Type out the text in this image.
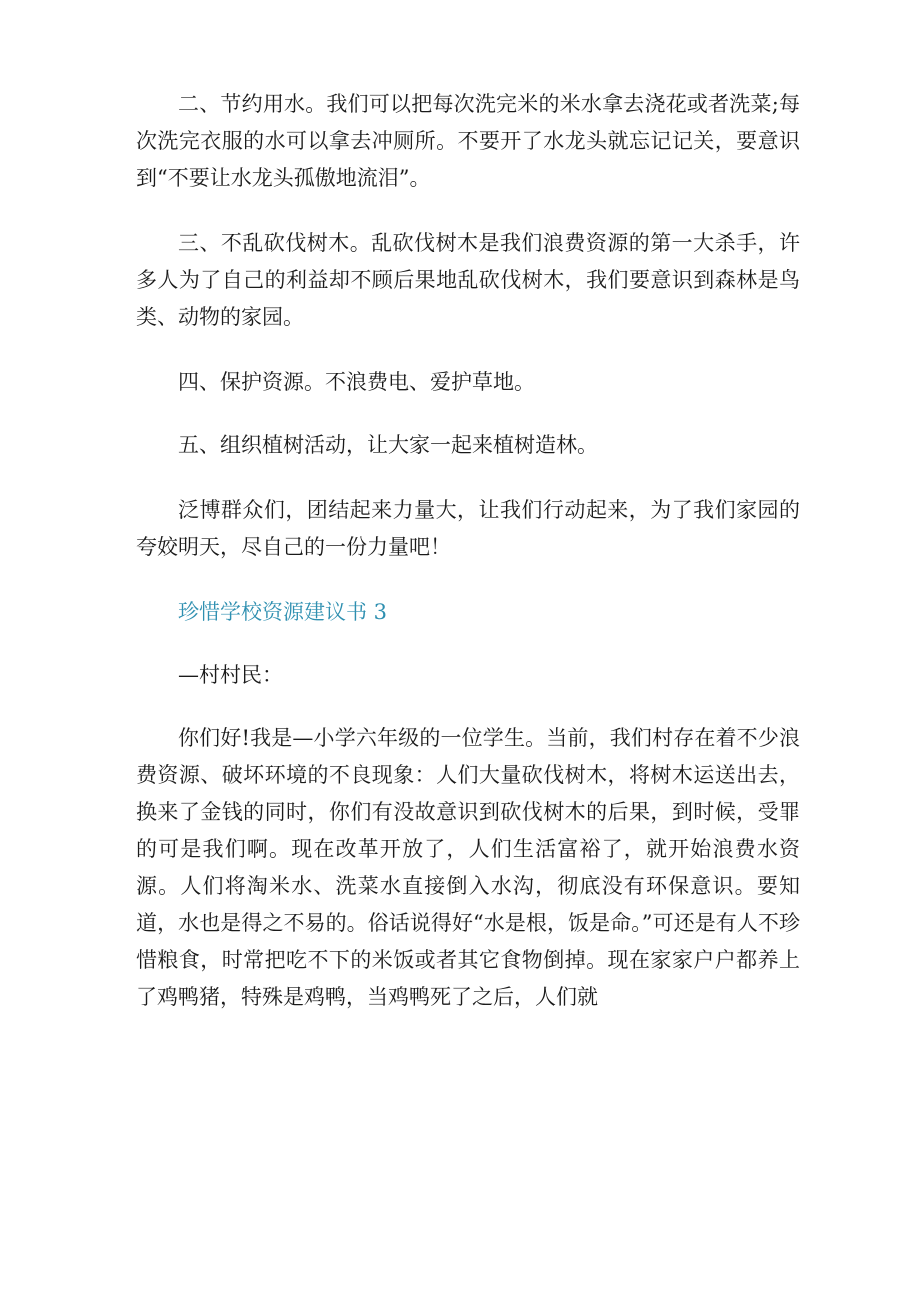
二、节约用水。我们可以把每次洗完米的米水拿去浇花或者洗菜;每次洗完衣服的水可以拿去冲厕所。不要开了水龙头就忘记记关，要意识到“不要让水龙头孤傲地流泪”。

三、不乱砍伐树木。乱砍伐树木是我们浪费资源的第一大杀手，许多人为了自己的利益却不顾后果地乱砍伐树木，我们要意识到森林是鸟类、动物的家园。

四、保护资源。不浪费电、爱护草地。

五、组织植树活动，让大家一起来植树造林。

泛博群众们，团结起来力量大，让我们行动起来，为了我们家园的夸姣明天，尽自己的一份力量吧！

珍惜学校资源建议书 3

—村村民：

你们好!我是—小学六年级的一位学生。当前，我们村存在着不少浪费资源、破坏环境的不良现象：人们大量砍伐树木，将树木运送出去，换来了金钱的同时，你们有没故意识到砍伐树木的后果，到时候，受罪的可是我们啊。现在改革开放了，人们生活富裕了，就开始浪费水资源。人们将淘米水、洗菜水直接倒入水沟，彻底没有环保意识。要知道，水也是得之不易的。俗话说得好“水是根，饭是命。”可还是有人不珍惜粮食，时常把吃不下的米饭或者其它食物倒掉。现在家家户户都养上了鸡鸭猪，特殊是鸡鸭，当鸡鸭死了之后，人们就
